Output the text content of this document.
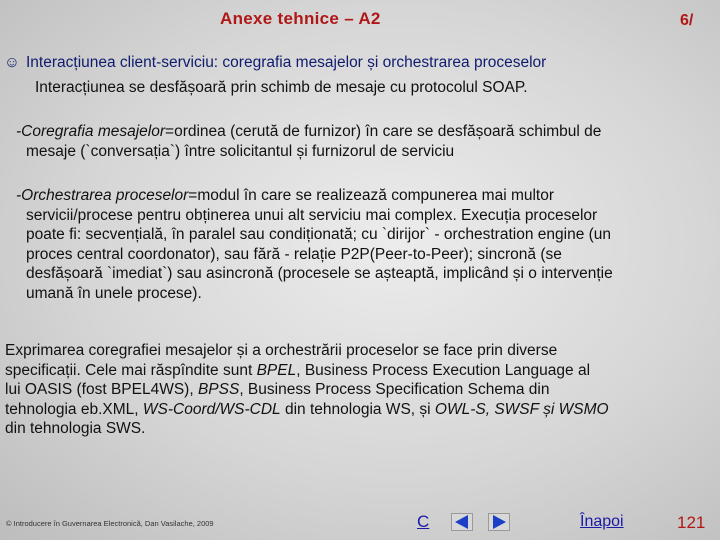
Anexe tehnice – A2	6/
☺ Interacțiunea client-serviciu: coregrafia mesajelor și orchestrarea proceselor
Interacțiunea se desfășoară prin schimb de mesaje cu protocolul SOAP.
-Coregrafia mesajelor=ordinea (cerută de furnizor) în care se desfășoară schimbul de

mesaje (`conversația`) între solicitantul și furnizorul de serviciu
-Orchestrarea proceselor=modul în care se realizează compunerea mai multor
servicii/procese pentru obținerea unui alt serviciu mai complex. Execuția proceselor
poate fi: secvențială, în paralel sau condiționată; cu `dirijor` - orchestration engine (un
proces central coordonator), sau fără - relație P2P(Peer-to-Peer); sincronă (se
desfășoară `imediat`) sau asincronă (procesele se așteaptă, implicând și o intervenție
umană în unele procese).
Exprimarea coregrafiei mesajelor și a orchestrării proceselor se face prin diverse
specificații. Cele mai răspîndite sunt BPEL, Business Process Execution Language al
lui OASIS (fost BPEL4WS), BPSS, Business Process Specification Schema din
tehnologia eb.XML, WS-Coord/WS-CDL din tehnologia WS, și OWL-S, SWSF și WSMO
din tehnologia SWS.
© Introducere în Guvernarea Electronică, Dan Vasilache, 2009	C	Înapoi	121
